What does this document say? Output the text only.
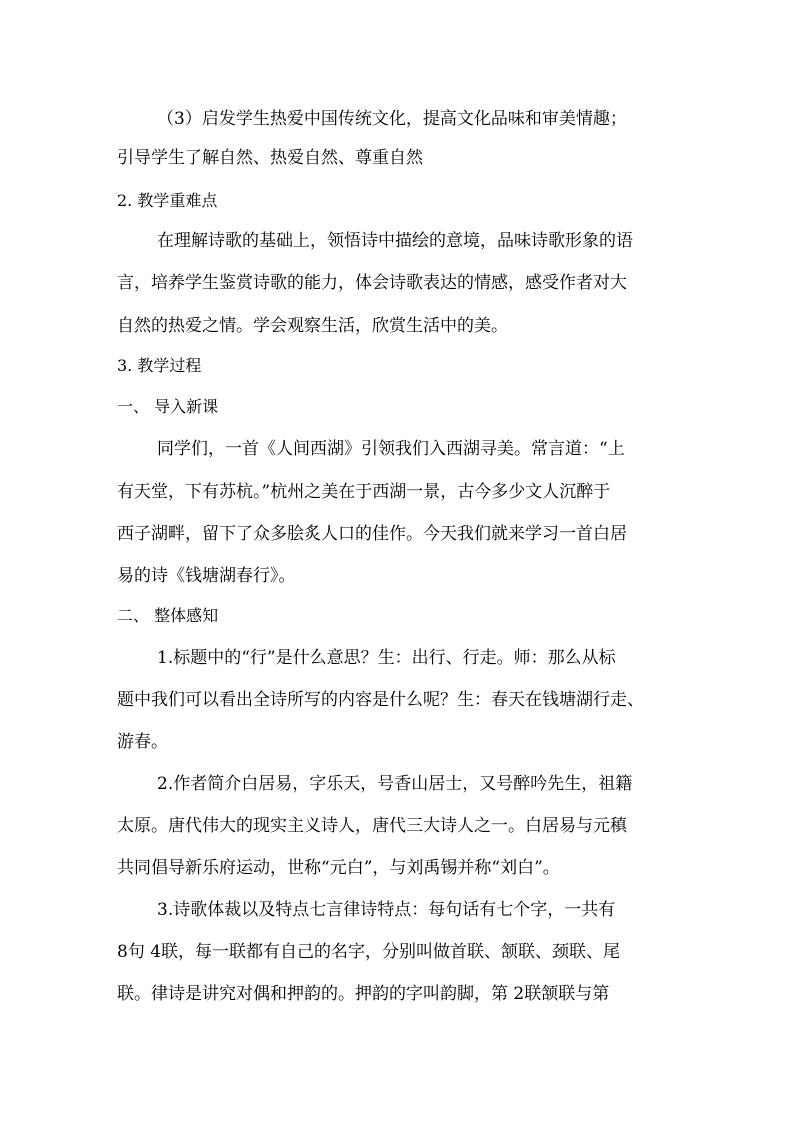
（3）启发学生热爱中国传统文化，提高文化品味和审美情趣；
引导学生了解自然、热爱自然、尊重自然
2. 教学重难点
在理解诗歌的基础上，领悟诗中描绘的意境，品味诗歌形象的语
言，培养学生鉴赏诗歌的能力，体会诗歌表达的情感，感受作者对大
自然的热爱之情。学会观察生活，欣赏生活中的美。
3. 教学过程
一、 导入新课
同学们，一首《人间西湖》引领我们入西湖寻美。常言道：“上
有天堂，下有苏杭。”杭州之美在于西湖一景，古今多少文人沉醉于
西子湖畔，留下了众多脍炙人口的佳作。今天我们就来学习一首白居
易的诗《钱塘湖春行》。
二、 整体感知
1.标题中的“行”是什么意思？生：出行、行走。师：那么从标
题中我们可以看出全诗所写的内容是什么呢？生：春天在钱塘湖行走、
游春。
2.作者简介白居易，字乐天，号香山居士，又号醉吟先生，祖籍
太原。唐代伟大的现实主义诗人，唐代三大诗人之一。白居易与元稹
共同倡导新乐府运动，世称“元白”，与刘禹锡并称“刘白”。
3.诗歌体裁以及特点七言律诗特点：每句话有七个字，一共有
8句 4联，每一联都有自己的名字，分别叫做首联、颔联、颈联、尾
联。律诗是讲究对偶和押韵的。押韵的字叫韵脚，第 2联颔联与第
